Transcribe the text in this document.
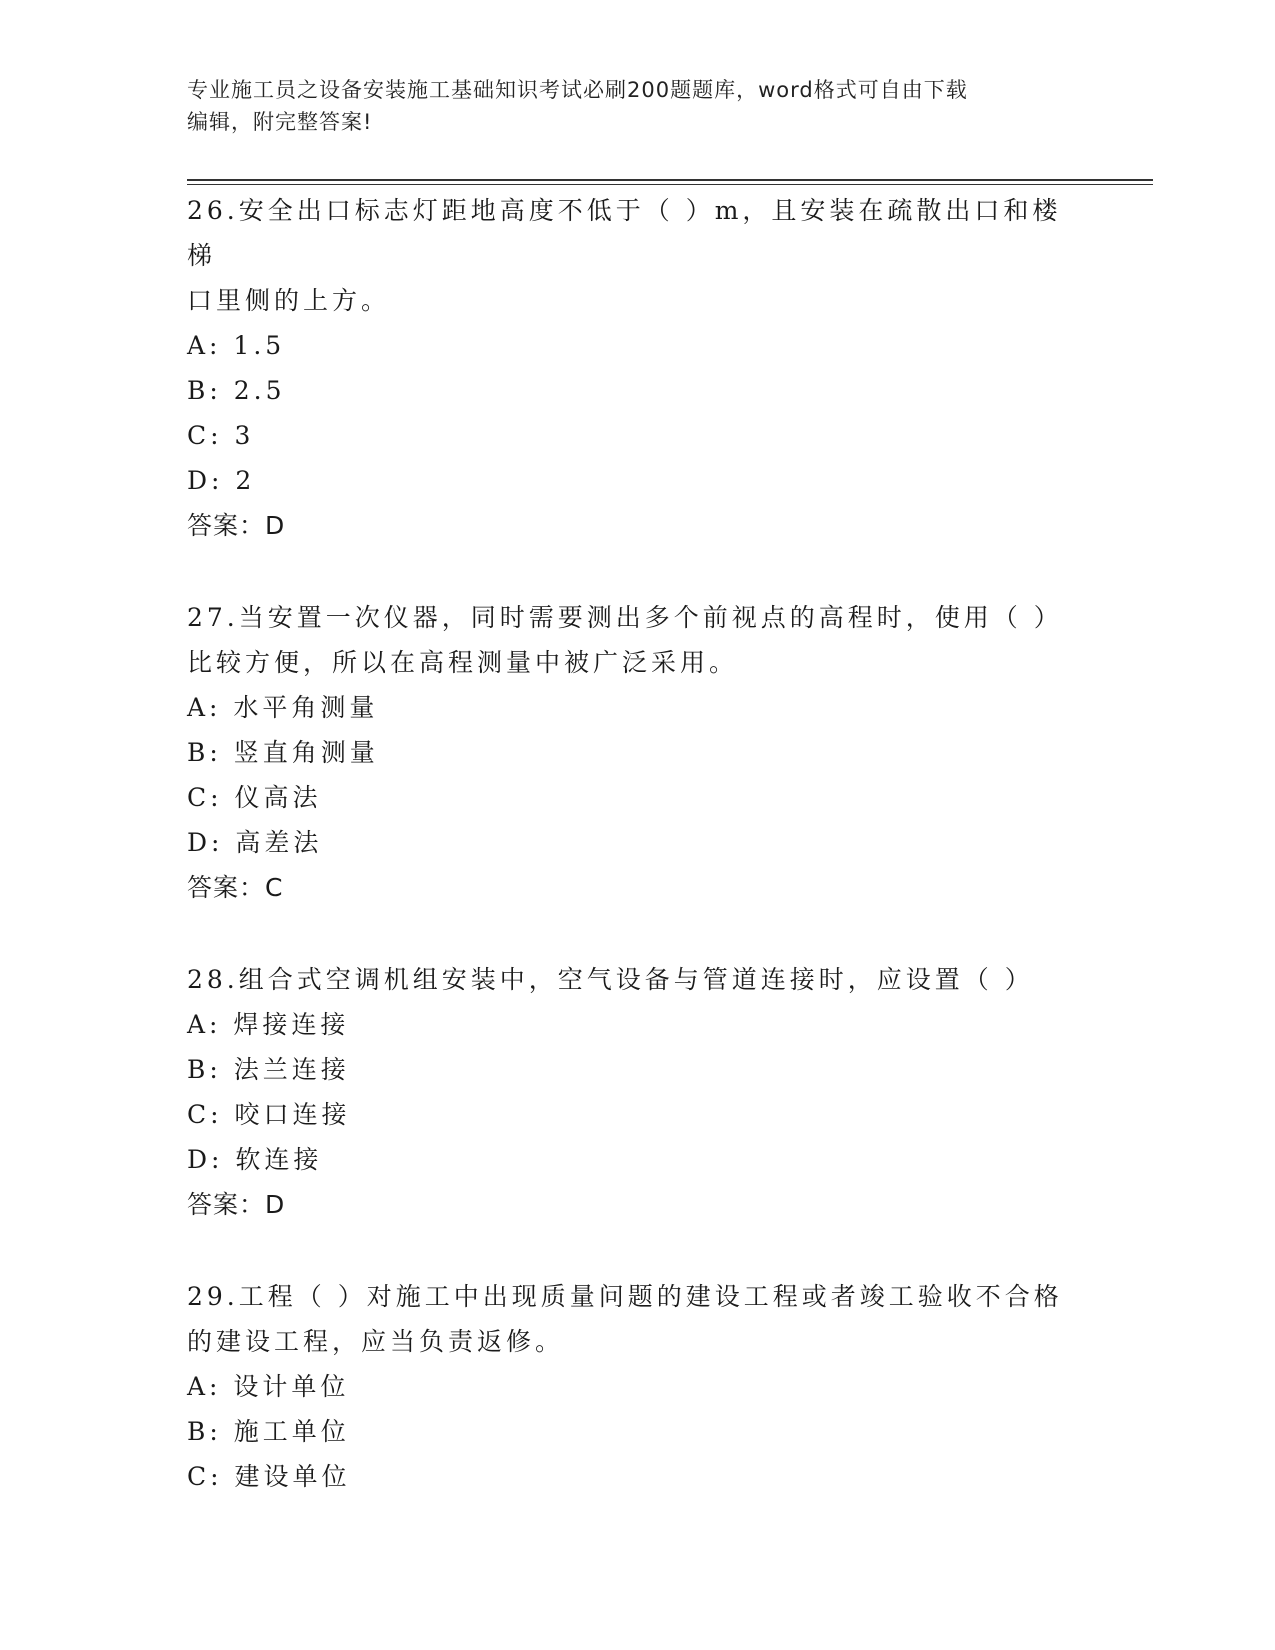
专业施工员之设备安装施工基础知识考试必刷200题题库，word格式可自由下载
编辑，附完整答案!
26.安全出口标志灯距地高度不低于（ ）m，且安装在疏散出口和楼梯
口里侧的上方。
A: 1.5
B: 2.5
C: 3
D: 2
答案：D
27.当安置一次仪器，同时需要测出多个前视点的高程时，使用（ ）
比较方便，所以在高程测量中被广泛采用。
A: 水平角测量
B: 竖直角测量
C: 仪高法
D: 高差法
答案：C
28.组合式空调机组安装中，空气设备与管道连接时，应设置（ ）
A: 焊接连接
B: 法兰连接
C: 咬口连接
D: 软连接
答案：D
29.工程（ ）对施工中出现质量问题的建设工程或者竣工验收不合格
的建设工程，应当负责返修。
A: 设计单位
B: 施工单位
C: 建设单位
